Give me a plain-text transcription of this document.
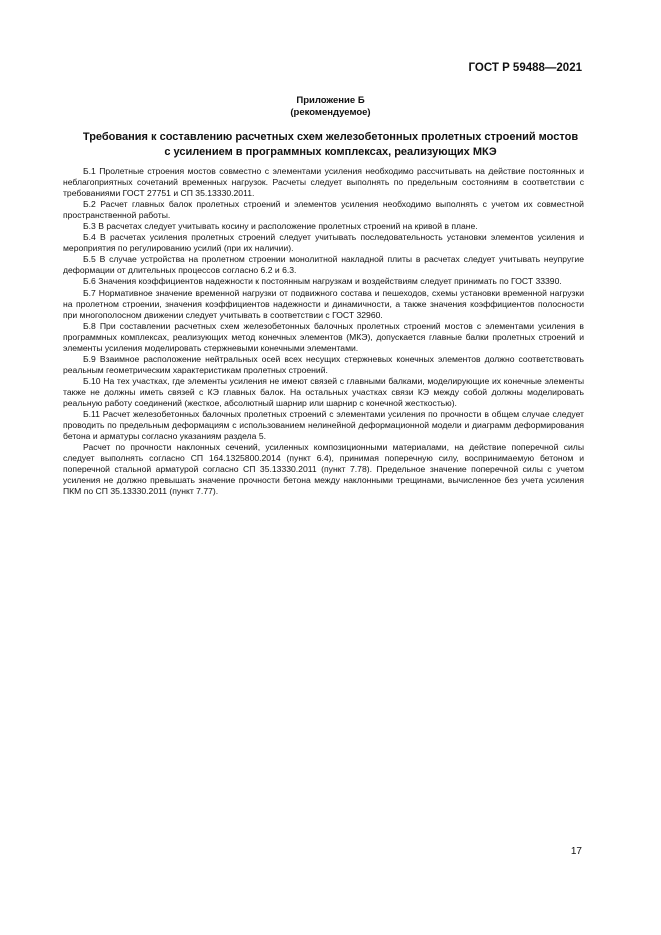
ГОСТ Р 59488—2021
Приложение Б
(рекомендуемое)
Требования к составлению расчетных схем железобетонных пролетных строений мостов
с усилением в программных комплексах, реализующих МКЭ

Б.1 Пролетные строения мостов совместно с элементами усиления необходимо рассчитывать на действие постоянных и неблагоприятных сочетаний временных нагрузок. Расчеты следует выполнять по предельным состояниям в соответствии с требованиями ГОСТ 27751 и СП 35.13330.2011.

Б.2 Расчет главных балок пролетных строений и элементов усиления необходимо выполнять с учетом их совместной пространственной работы.

Б.3 В расчетах следует учитывать косину и расположение пролетных строений на кривой в плане.

Б.4 В расчетах усиления пролетных строений следует учитывать последовательность установки элементов усиления и мероприятия по регулированию усилий (при их наличии).

Б.5 В случае устройства на пролетном строении монолитной накладной плиты в расчетах следует учитывать неупругие деформации от длительных процессов согласно 6.2 и 6.3.

Б.6 Значения коэффициентов надежности к постоянным нагрузкам и воздействиям следует принимать по ГОСТ 33390.

Б.7 Нормативное значение временной нагрузки от подвижного состава и пешеходов, схемы установки временной нагрузки на пролетном строении, значения коэффициентов надежности и динамичности, а также значения коэффициентов полосности при многополосном движении следует учитывать в соответствии с ГОСТ 32960.

Б.8 При составлении расчетных схем железобетонных балочных пролетных строений мостов с элементами усиления в программных комплексах, реализующих метод конечных элементов (МКЭ), допускается главные балки пролетных строений и элементы усиления моделировать стержневыми конечными элементами.

Б.9 Взаимное расположение нейтральных осей всех несущих стержневых конечных элементов должно соответствовать реальным геометрическим характеристикам пролетных строений.

Б.10 На тех участках, где элементы усиления не имеют связей с главными балками, моделирующие их конечные элементы также не должны иметь связей с КЭ главных балок. На остальных участках связи КЭ между собой должны моделировать реальную работу соединений (жесткое, абсолютный шарнир или шарнир с конечной жесткостью).

Б.11 Расчет железобетонных балочных пролетных строений с элементами усиления по прочности в общем случае следует проводить по предельным деформациям с использованием нелинейной деформационной модели и диаграмм деформирования бетона и арматуры согласно указаниям раздела 5.

Расчет по прочности наклонных сечений, усиленных композиционными материалами, на действие поперечной силы следует выполнять согласно СП 164.1325800.2014 (пункт 6.4), принимая поперечную силу, воспринимаемую бетоном и поперечной стальной арматурой согласно СП 35.13330.2011 (пункт 7.78). Предельное значение поперечной силы с учетом усиления не должно превышать значение прочности бетона между наклонными трещинами, вычисленное без учета усиления ПКМ по СП 35.13330.2011 (пункт 7.77).

17
